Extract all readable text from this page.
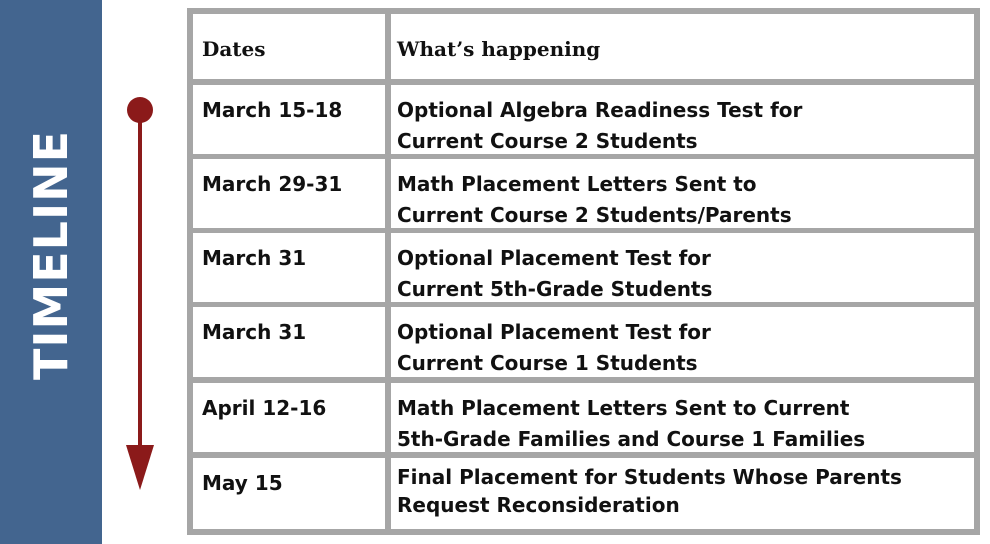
TIMELINE
Dates	What’s happening
March 15-18	Optional Algebra Readiness Test for
Current Course 2 Students
March 29-31	Math Placement Letters Sent to
Current Course 2 Students/Parents
March 31	Optional Placement Test for
Current 5th-Grade Students
March 31	Optional Placement Test for
Current Course 1 Students
April 12-16	Math Placement Letters Sent to Current
5th-Grade Families and Course 1 Families
May 15	Final Placement for Students Whose Parents
Request Reconsideration
